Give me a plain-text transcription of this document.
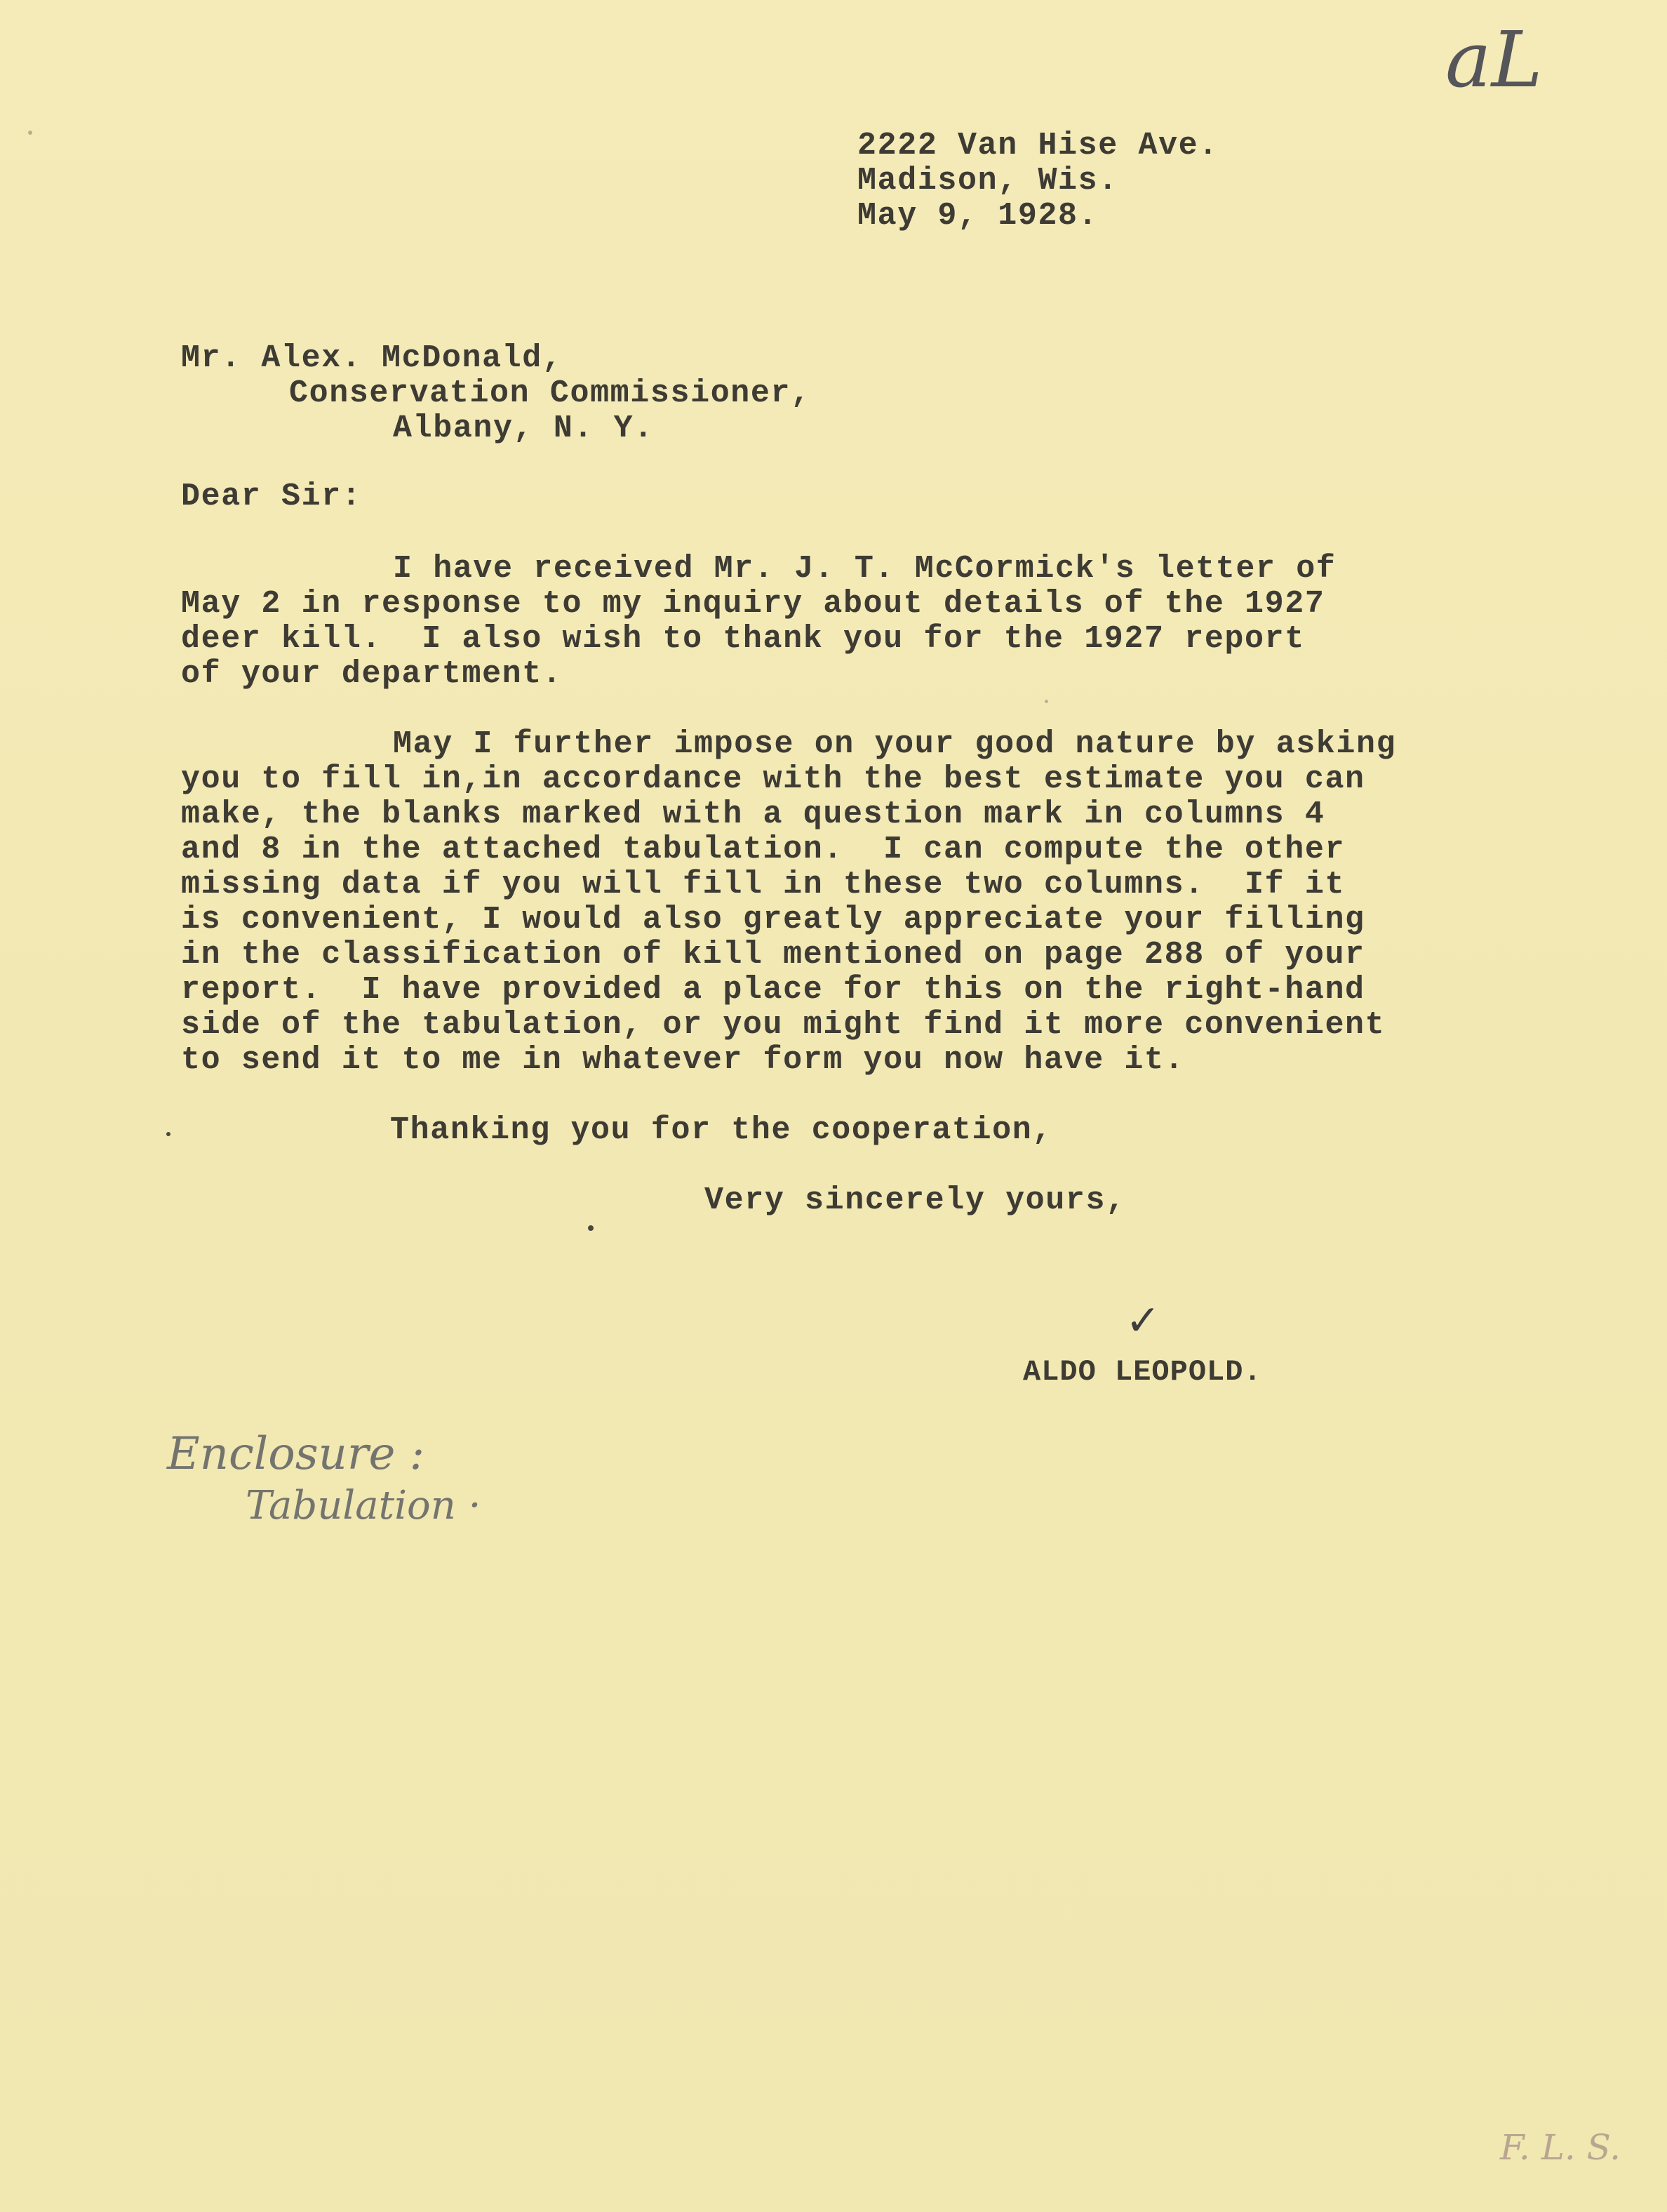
aL
2222 Van Hise Ave.
Madison, Wis.
May 9, 1928.
Mr. Alex. McDonald,
Conservation Commissioner,
Albany, N. Y.
Dear Sir:
I have received Mr. J. T. McCormick's letter of
May 2 in response to my inquiry about details of the 1927
deer kill.  I also wish to thank you for the 1927 report
of your department.
May I further impose on your good nature by asking
you to fill in,in accordance with the best estimate you can
make, the blanks marked with a question mark in columns 4
and 8 in the attached tabulation.  I can compute the other
missing data if you will fill in these two columns.  If it
is convenient, I would also greatly appreciate your filling
in the classification of kill mentioned on page 288 of your
report.  I have provided a place for this on the right-hand
side of the tabulation, or you might find it more convenient
to send it to me in whatever form you now have it.
Thanking you for the cooperation,
Very sincerely yours,
✓
ALDO LEOPOLD.
Enclosure :
Tabulation ·
F. L. S.
